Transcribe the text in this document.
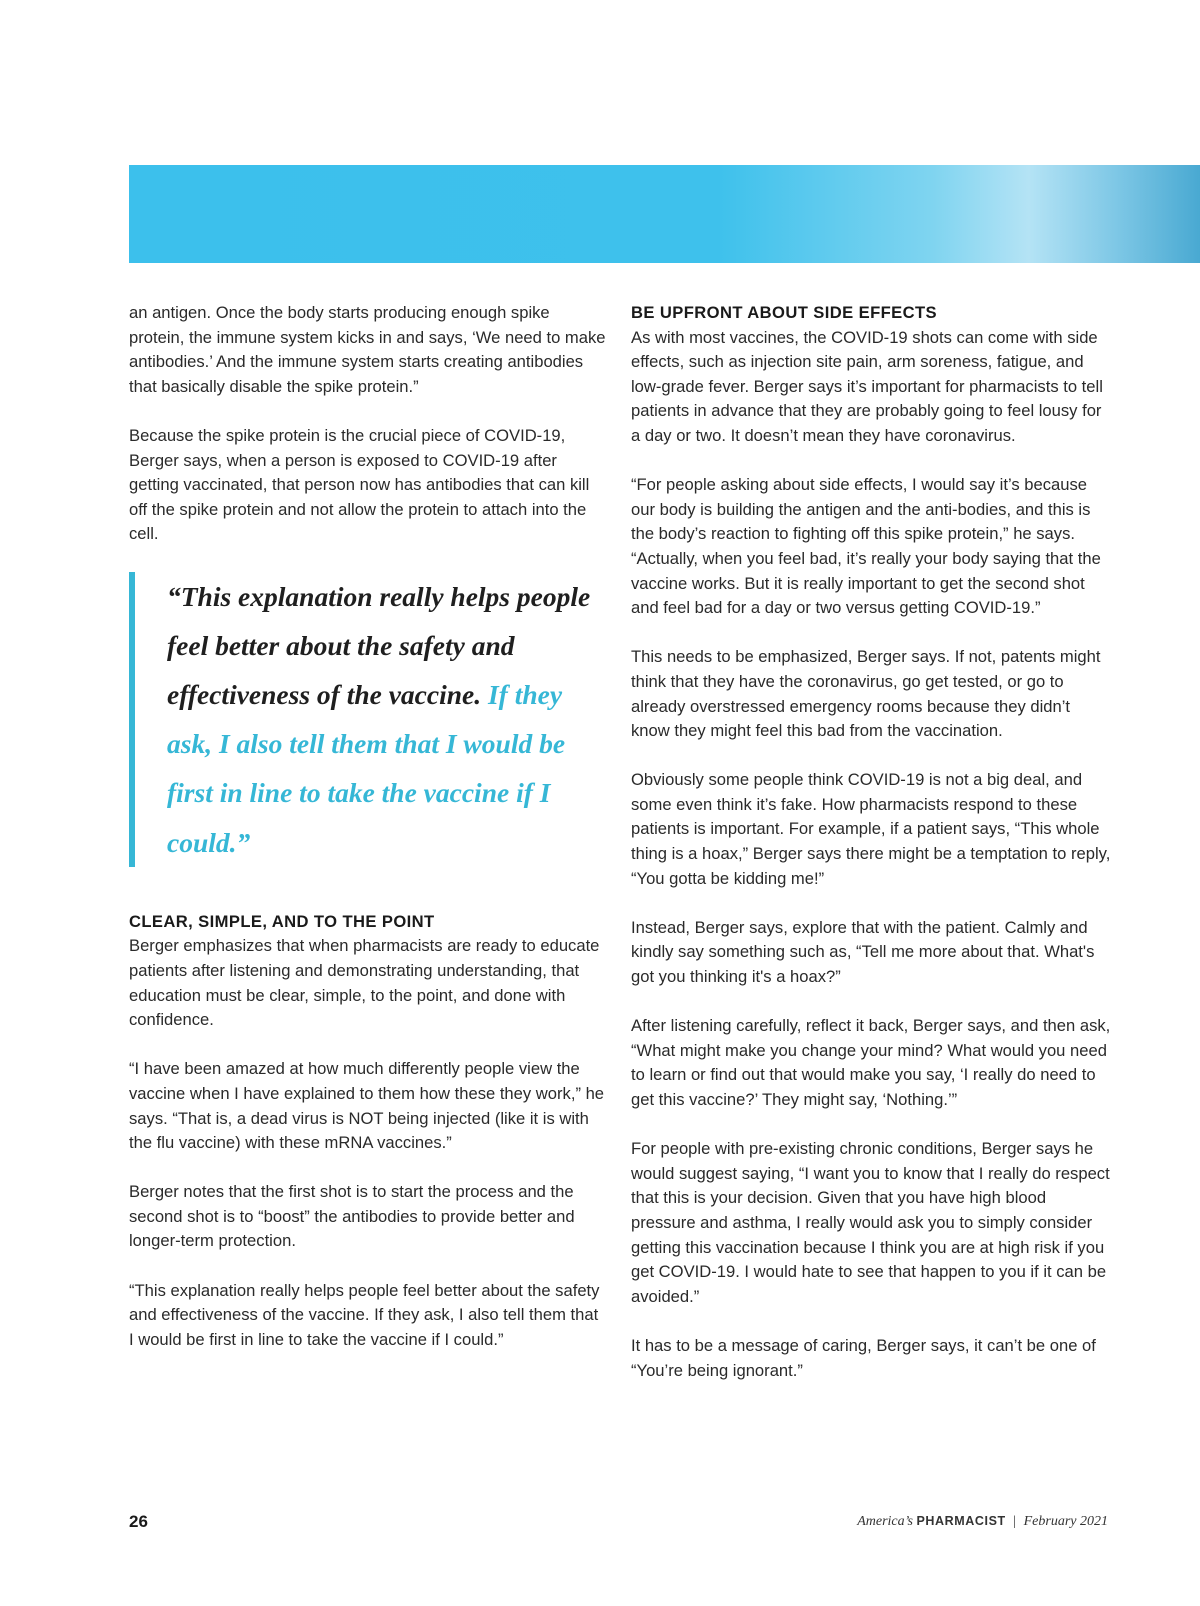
an antigen. Once the body starts producing enough spike protein, the immune system kicks in and says, ‘We need to make antibodies.’ And the immune system starts creating antibodies that basically disable the spike protein.”

Because the spike protein is the crucial piece of COVID-19, Berger says, when a person is exposed to COVID-19 after getting vaccinated, that person now has antibodies that can kill off the spike protein and not allow the protein to attach into the cell.

“This explanation really helps people feel better about the safety and effectiveness of the vaccine. If they ask, I also tell them that I would be first in line to take the vaccine if I could.”
CLEAR, SIMPLE, AND TO THE POINT

Berger emphasizes that when pharmacists are ready to educate patients after listening and demonstrating understanding, that education must be clear, simple, to the point, and done with confidence.

“I have been amazed at how much differently people view the vaccine when I have explained to them how these they work,” he says. “That is, a dead virus is NOT being injected (like it is with the flu vaccine) with these mRNA vaccines.”

Berger notes that the first shot is to start the process and the second shot is to “boost” the antibodies to provide better and longer-term protection.

“This explanation really helps people feel better about the safety and effectiveness of the vaccine. If they ask, I also tell them that I would be first in line to take the vaccine if I could.”

BE UPFRONT ABOUT SIDE EFFECTS

As with most vaccines, the COVID-19 shots can come with side effects, such as injection site pain, arm soreness, fatigue, and low-grade fever. Berger says it’s important for pharmacists to tell patients in advance that they are probably going to feel lousy for a day or two. It doesn’t mean they have coronavirus.

“For people asking about side effects, I would say it’s because our body is building the antigen and the anti-bodies, and this is the body’s reaction to fighting off this spike protein,” he says. “Actually, when you feel bad, it’s really your body saying that the vaccine works. But it is really important to get the second shot and feel bad for a day or two versus getting COVID-19.”

This needs to be emphasized, Berger says. If not, patents might think that they have the coronavirus, go get tested, or go to already overstressed emergency rooms because they didn’t know they might feel this bad from the vaccination.

Obviously some people think COVID-19 is not a big deal, and some even think it’s fake. How pharmacists respond to these patients is important. For example, if a patient says, “This whole thing is a hoax,” Berger says there might be a temptation to reply, “You gotta be kidding me!”

Instead, Berger says, explore that with the patient. Calmly and kindly say something such as, “Tell me more about that. What's got you thinking it's a hoax?”

After listening carefully, reflect it back, Berger says, and then ask, “What might make you change your mind? What would you need to learn or find out that would make you say, ‘I really do need to get this vaccine?’ They might say, ‘Nothing.’”

For people with pre-existing chronic conditions, Berger says he would suggest saying, “I want you to know that I really do respect that this is your decision. Given that you have high blood pressure and asthma, I really would ask you to simply consider getting this vaccination because I think you are at high risk if you get COVID-19. I would hate to see that happen to you if it can be avoided.”

It has to be a message of caring, Berger says, it can’t be one of “You’re being ignorant.”

26	America’s PHARMACIST | February 2021
